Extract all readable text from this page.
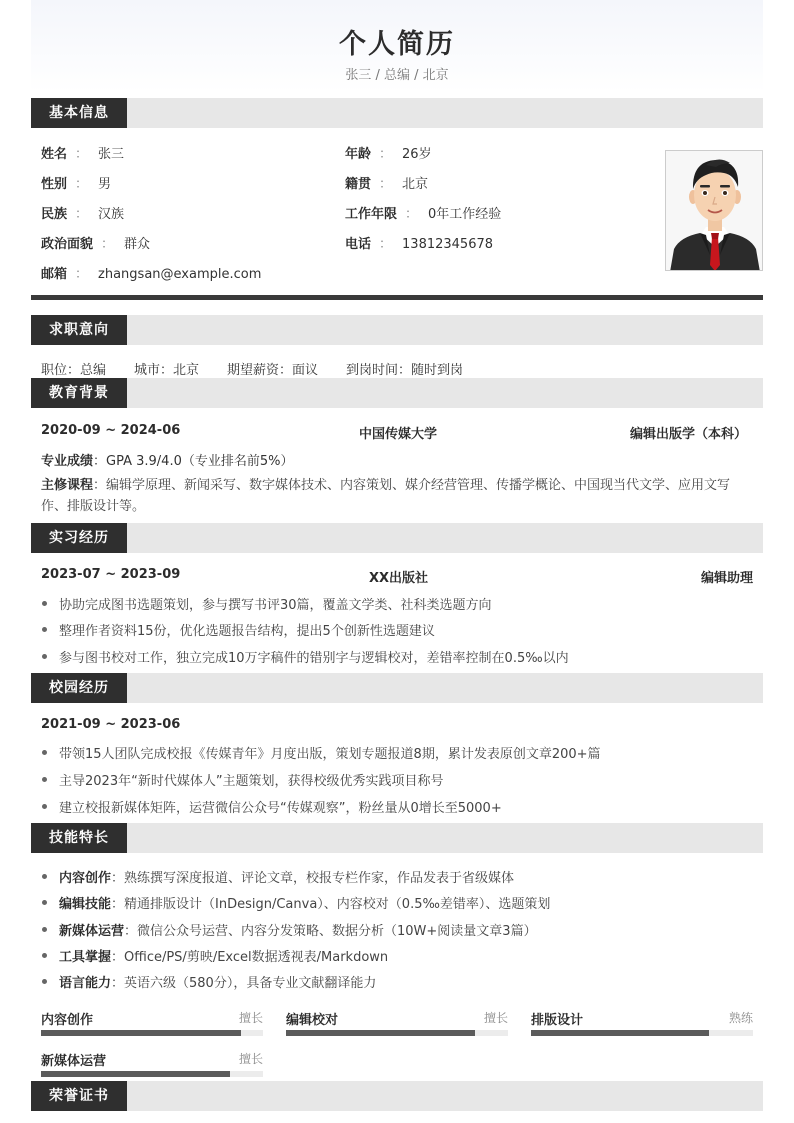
个人简历
张三 / 总编 / 北京
基本信息
姓名 ： 张三	年龄 ： 26岁
性别 ： 男	籍贯 ： 北京
民族 ： 汉族	工作年限 ： 0年工作经验
政治面貌 ： 群众	电话 ： 13812345678
邮箱 ： zhangsan@example.com
求职意向
职位：总编 城市：北京 期望薪资：面议 到岗时间：随时到岗
教育背景
2020-09 ~ 2024-06	中国传媒大学	编辑出版学（本科）
专业成绩：GPA 3.9/4.0（专业排名前5%）
主修课程：编辑学原理、新闻采写、数字媒体技术、内容策划、媒介经营管理、传播学概论、中国现当代文学、应用文写作、排版设计等。
实习经历
2023-07 ~ 2023-09	XX出版社	编辑助理
协助完成图书选题策划，参与撰写书评30篇，覆盖文学类、社科类选题方向
整理作者资料15份，优化选题报告结构，提出5个创新性选题建议
参与图书校对工作，独立完成10万字稿件的错别字与逻辑校对，差错率控制在0.5‰以内
校园经历
2021-09 ~ 2023-06
带领15人团队完成校报《传媒青年》月度出版，策划专题报道8期，累计发表原创文章200+篇
主导2023年“新时代媒体人”主题策划，获得校级优秀实践项目称号
建立校报新媒体矩阵，运营微信公众号“传媒观察”，粉丝量从0增长至5000+
技能特长
内容创作：熟练撰写深度报道、评论文章，校报专栏作家，作品发表于省级媒体
编辑技能：精通排版设计（InDesign/Canva）、内容校对（0.5‰差错率）、选题策划
新媒体运营：微信公众号运营、内容分发策略、数据分析（10W+阅读量文章3篇）
工具掌握：Office/PS/剪映/Excel数据透视表/Markdown
语言能力：英语六级（580分），具备专业文献翻译能力
内容创作	擅长 编辑校对	擅长 排版设计	熟练
新媒体运营	擅长
荣誉证书
